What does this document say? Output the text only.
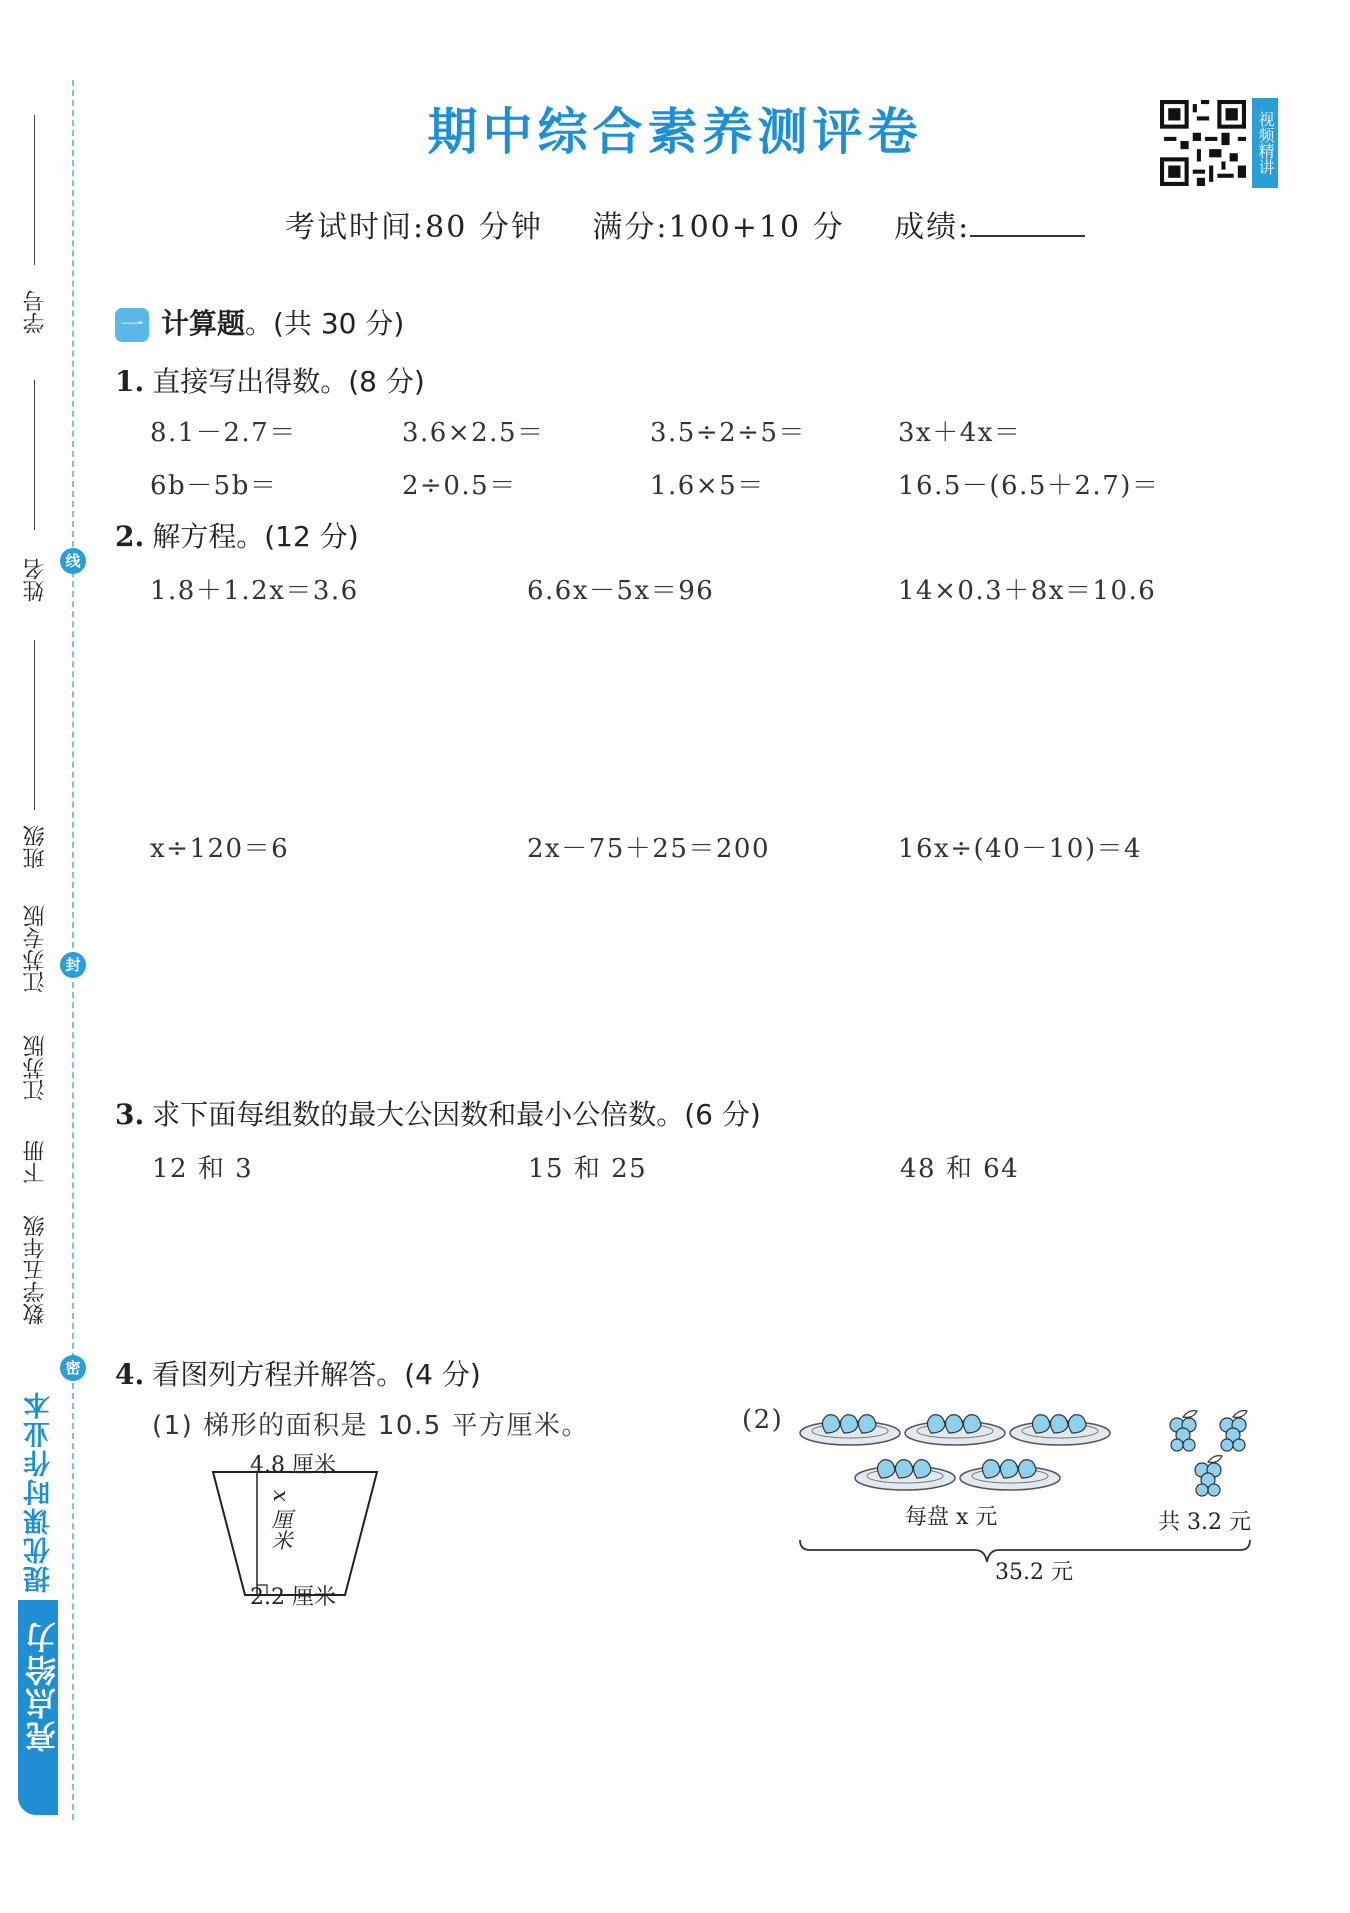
学号
姓名
班级
江苏专版
江苏版
下册
数学五年级
线
封
密
提优课时作业本
亮点给力
期中综合素养测评卷	视频精讲
考试时间:80 分钟 满分:100+10 分 成绩:
一 计算题。(共 30 分)
1. 直接写出得数。(8 分)
8.1－2.7＝	3.6×2.5＝	3.5÷2÷5＝	3x＋4x＝
6b－5b＝	2÷0.5＝	1.6×5＝	16.5－(6.5＋2.7)＝
2. 解方程。(12 分)
1.8＋1.2x＝3.6	6.6x－5x＝96	14×0.3＋8x＝10.6
x÷120＝6	2x－75＋25＝200	16x÷(40－10)＝4
3. 求下面每组数的最大公因数和最小公倍数。(6 分)
12 和 3	15 和 25	48 和 64
4. 看图列方程并解答。(4 分)
(1) 梯形的面积是 10.5 平方厘米。
4.8 厘米
x 厘米
2.2 厘米
(2)
每盘 x 元	共 3.2 元
35.2 元
